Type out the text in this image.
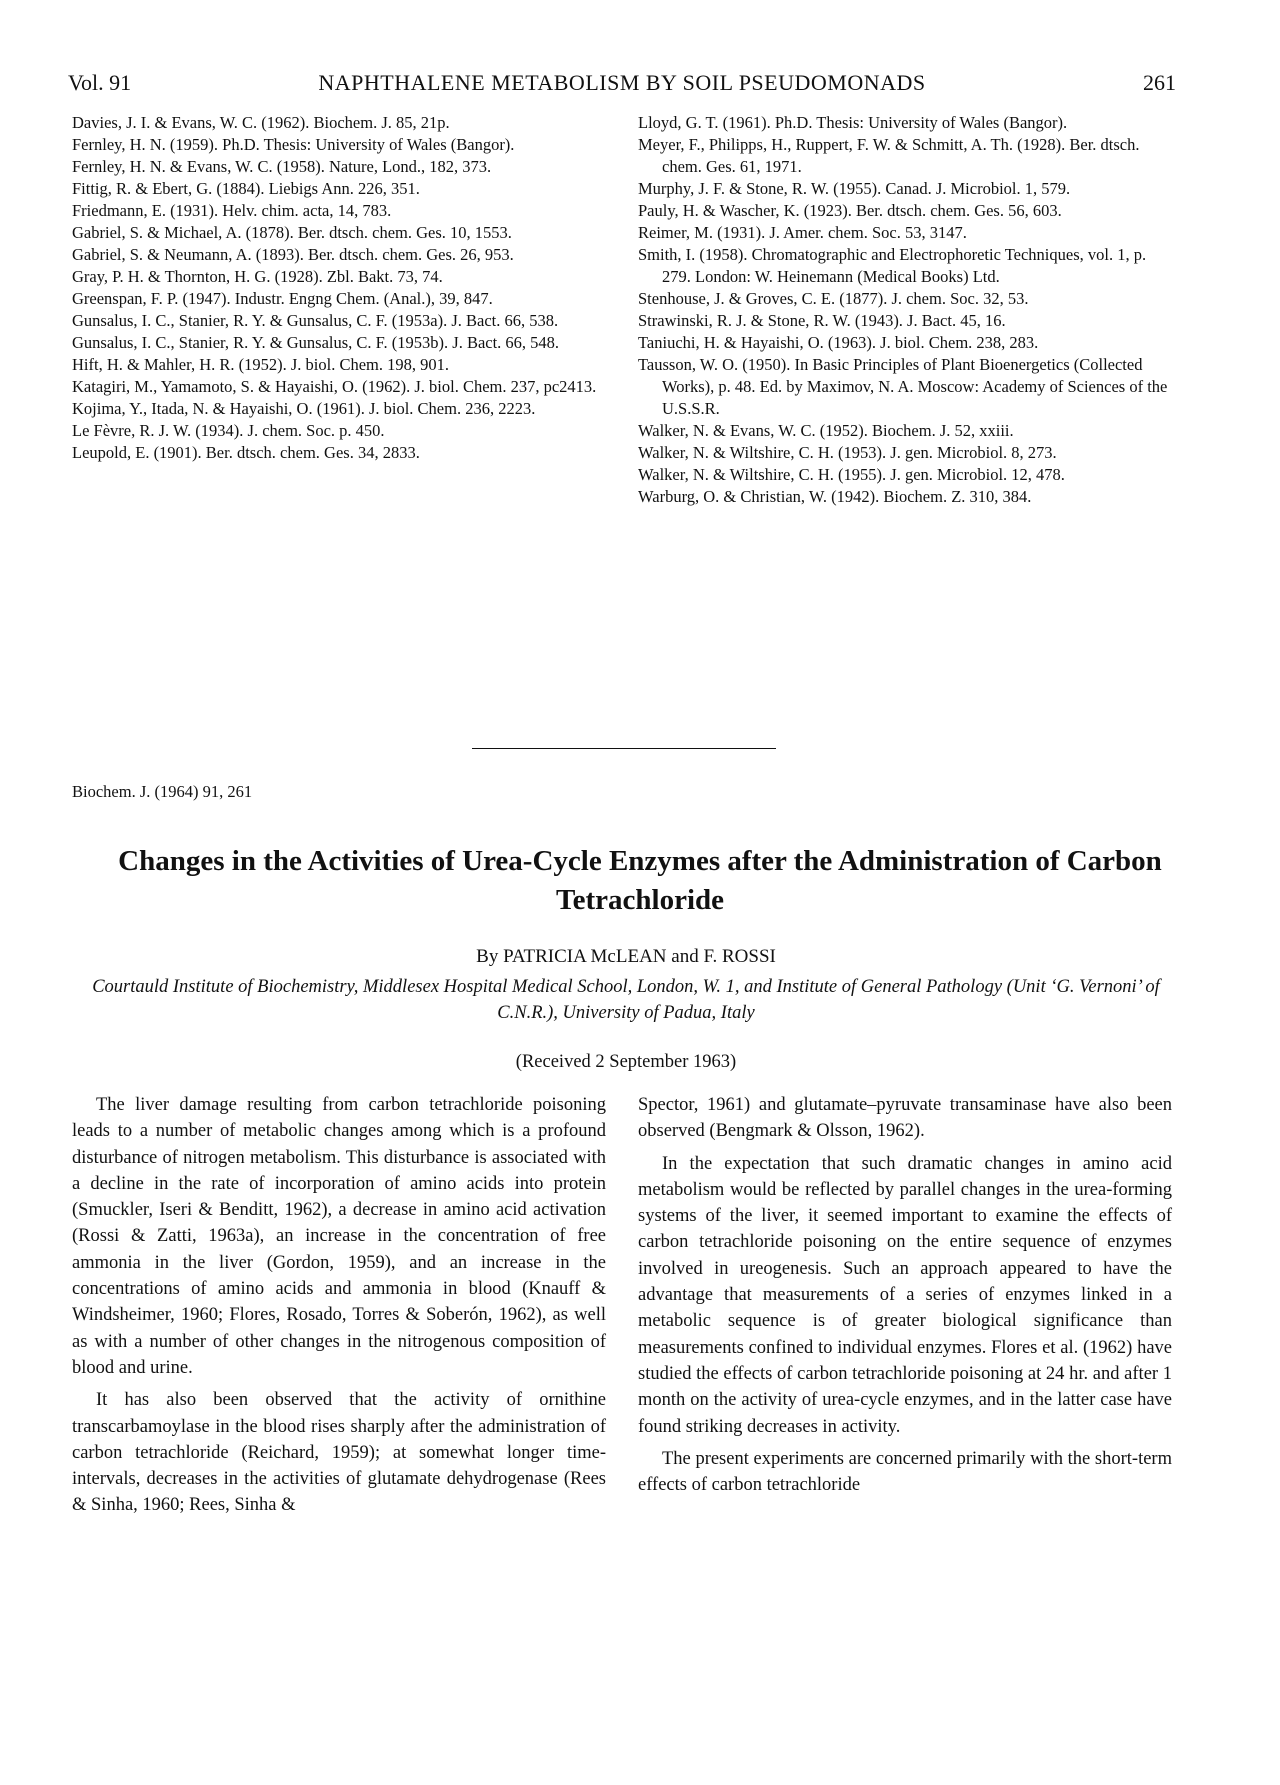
NAPHTHALENE METABOLISM BY SOIL PSEUDOMONADS
Vol. 91	261

Davies, J. I. & Evans, W. C. (1962). Biochem. J. 85, 21p.

Fernley, H. N. (1959). Ph.D. Thesis: University of Wales (Bangor).

Fernley, H. N. & Evans, W. C. (1958). Nature, Lond., 182, 373.

Fittig, R. & Ebert, G. (1884). Liebigs Ann. 226, 351.

Friedmann, E. (1931). Helv. chim. acta, 14, 783.

Gabriel, S. & Michael, A. (1878). Ber. dtsch. chem. Ges. 10, 1553.

Gabriel, S. & Neumann, A. (1893). Ber. dtsch. chem. Ges. 26, 953.

Gray, P. H. & Thornton, H. G. (1928). Zbl. Bakt. 73, 74.

Greenspan, F. P. (1947). Industr. Engng Chem. (Anal.), 39, 847.

Gunsalus, I. C., Stanier, R. Y. & Gunsalus, C. F. (1953a). J. Bact. 66, 538.

Gunsalus, I. C., Stanier, R. Y. & Gunsalus, C. F. (1953b). J. Bact. 66, 548.

Hift, H. & Mahler, H. R. (1952). J. biol. Chem. 198, 901.

Katagiri, M., Yamamoto, S. & Hayaishi, O. (1962). J. biol. Chem. 237, pc2413.

Kojima, Y., Itada, N. & Hayaishi, O. (1961). J. biol. Chem. 236, 2223.

Le Fèvre, R. J. W. (1934). J. chem. Soc. p. 450.

Leupold, E. (1901). Ber. dtsch. chem. Ges. 34, 2833.

Lloyd, G. T. (1961). Ph.D. Thesis: University of Wales (Bangor).

Meyer, F., Philipps, H., Ruppert, F. W. & Schmitt, A. Th. (1928). Ber. dtsch. chem. Ges. 61, 1971.

Murphy, J. F. & Stone, R. W. (1955). Canad. J. Microbiol. 1, 579.

Pauly, H. & Wascher, K. (1923). Ber. dtsch. chem. Ges. 56, 603.

Reimer, M. (1931). J. Amer. chem. Soc. 53, 3147.

Smith, I. (1958). Chromatographic and Electrophoretic Techniques, vol. 1, p. 279. London: W. Heinemann (Medical Books) Ltd.

Stenhouse, J. & Groves, C. E. (1877). J. chem. Soc. 32, 53.

Strawinski, R. J. & Stone, R. W. (1943). J. Bact. 45, 16.

Taniuchi, H. & Hayaishi, O. (1963). J. biol. Chem. 238, 283.

Tausson, W. O. (1950). In Basic Principles of Plant Bioenergetics (Collected Works), p. 48. Ed. by Maximov, N. A. Moscow: Academy of Sciences of the U.S.S.R.

Walker, N. & Evans, W. C. (1952). Biochem. J. 52, xxiii.

Walker, N. & Wiltshire, C. H. (1953). J. gen. Microbiol. 8, 273.

Walker, N. & Wiltshire, C. H. (1955). J. gen. Microbiol. 12, 478.

Warburg, O. & Christian, W. (1942). Biochem. Z. 310, 384.

Biochem. J. (1964) 91, 261
Changes in the Activities of Urea-Cycle Enzymes after the Administration of Carbon Tetrachloride
By PATRICIA McLEAN and F. ROSSI
Courtauld Institute of Biochemistry, Middlesex Hospital Medical School, London, W. 1, and Institute of General Pathology (Unit ‘G. Vernoni’ of C.N.R.), University of Padua, Italy
(Received 2 September 1963)

The liver damage resulting from carbon tetrachloride poisoning leads to a number of metabolic changes among which is a profound disturbance of nitrogen metabolism. This disturbance is associated with a decline in the rate of incorporation of amino acids into protein (Smuckler, Iseri & Benditt, 1962), a decrease in amino acid activation (Rossi & Zatti, 1963a), an increase in the concentration of free ammonia in the liver (Gordon, 1959), and an increase in the concentrations of amino acids and ammonia in blood (Knauff & Windsheimer, 1960; Flores, Rosado, Torres & Soberón, 1962), as well as with a number of other changes in the nitrogenous composition of blood and urine.

It has also been observed that the activity of ornithine transcarbamoylase in the blood rises sharply after the administration of carbon tetrachloride (Reichard, 1959); at somewhat longer time-intervals, decreases in the activities of glutamate dehydrogenase (Rees & Sinha, 1960; Rees, Sinha &

Spector, 1961) and glutamate–pyruvate transaminase have also been observed (Bengmark & Olsson, 1962).

In the expectation that such dramatic changes in amino acid metabolism would be reflected by parallel changes in the urea-forming systems of the liver, it seemed important to examine the effects of carbon tetrachloride poisoning on the entire sequence of enzymes involved in ureogenesis. Such an approach appeared to have the advantage that measurements of a series of enzymes linked in a metabolic sequence is of greater biological significance than measurements confined to individual enzymes. Flores et al. (1962) have studied the effects of carbon tetrachloride poisoning at 24 hr. and after 1 month on the activity of urea-cycle enzymes, and in the latter case have found striking decreases in activity.

The present experiments are concerned primarily with the short-term effects of carbon tetrachloride
